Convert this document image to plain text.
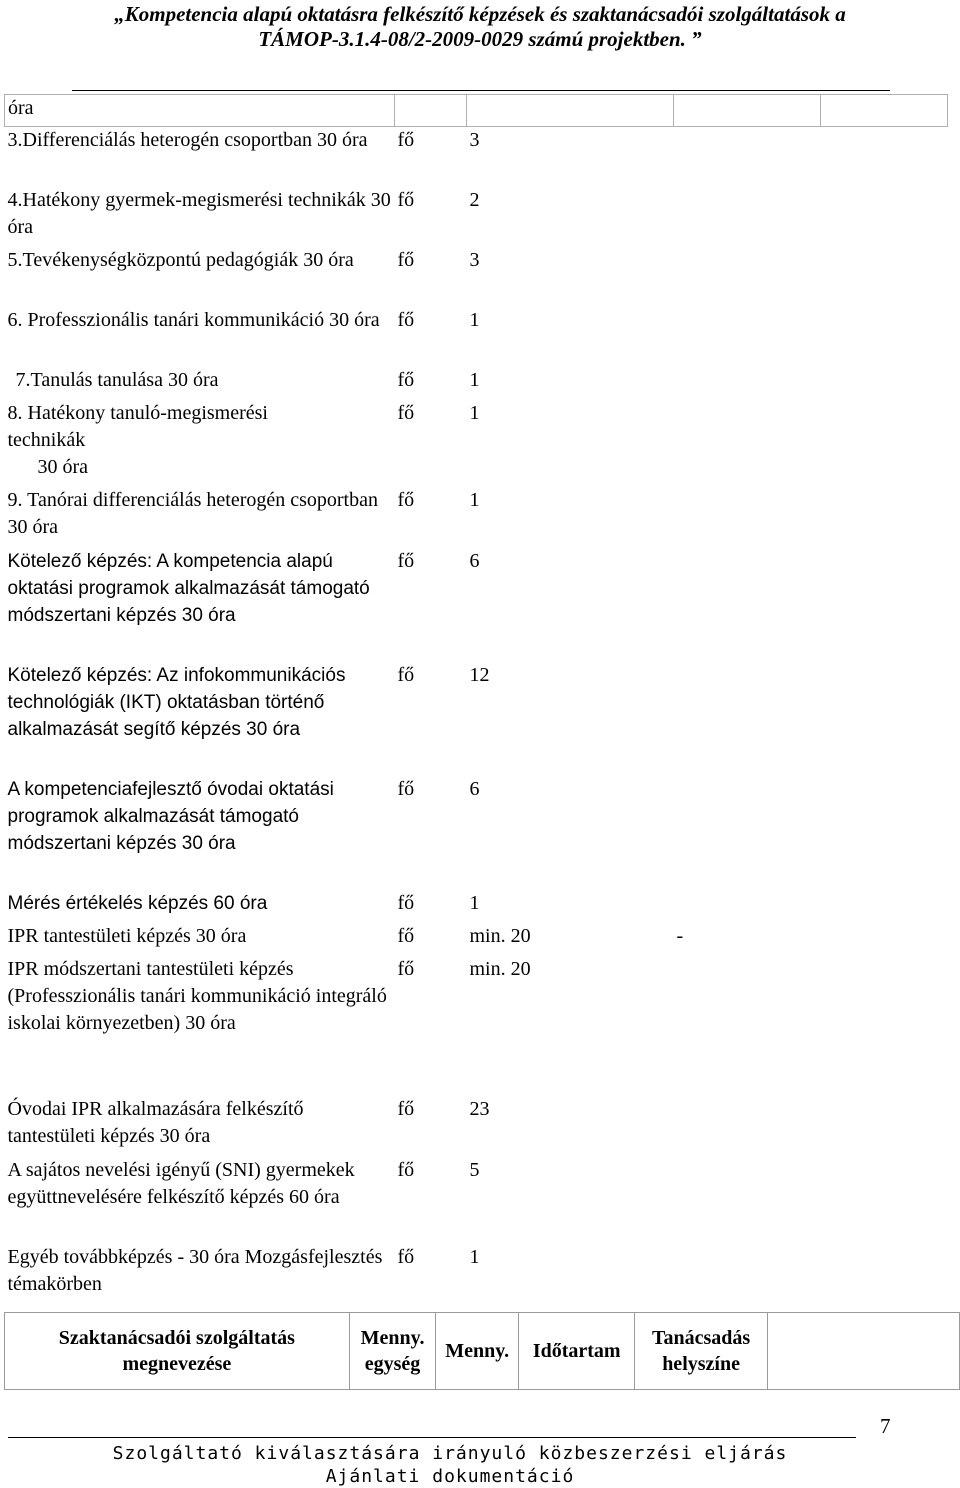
„Kompetencia alapú oktatásra felkészítő képzések és szaktanácsadói szolgáltatások a
TÁMOP-3.1.4-08/2-2009-0029 számú projektben. ”
óra				
3.Differenciálás heterogén csoportban 30 óra	fő	3		
4.Hatékony gyermek-megismerési technikák 30 óra	fő	2		
5.Tevékenységközpontú pedagógiák 30 óra	fő	3		
6. Professzionális tanári kommunikáció 30 óra	fő	1		
7.Tanulás tanulása 30 óra	fő	1		

8. Hatékony tanuló-megismerési technikák
30 óra	fő	1		
9. Tanórai differenciálás heterogén csoportban 30 óra	fő	1		
Kötelező képzés: A kompetencia alapú oktatási programok alkalmazását támogató módszertani képzés 30 óra	fő	6		
Kötelező képzés: Az infokommunikációs technológiák (IKT) oktatásban történő alkalmazását segítő képzés 30 óra	fő	12		
A kompetenciafejlesztő óvodai oktatási programok alkalmazását támogató módszertani képzés 30 óra	fő	6		
Mérés értékelés képzés 60 óra	fő	1		
IPR tantestületi képzés 30 óra	fő	min. 20	-	
IPR módszertani tantestületi képzés (Professzionális tanári kommunikáció integráló iskolai környezetben) 30 óra	fő	min. 20		
Óvodai IPR alkalmazására felkészítő tantestületi képzés 30 óra	fő	23		
A sajátos nevelési igényű (SNI) gyermekek együttnevelésére felkészítő képzés 60 óra	fő	5		
Egyéb továbbképzés - 30 óra Mozgásfejlesztés témakörben	fő	1		
Szaktanácsadói szolgáltatás megnevezése	Menny. egység	Menny.	Időtartam	Tanácsadás helyszíne	
7
Szolgáltató kiválasztására irányuló közbeszerzési eljárás
Ajánlati dokumentáció
